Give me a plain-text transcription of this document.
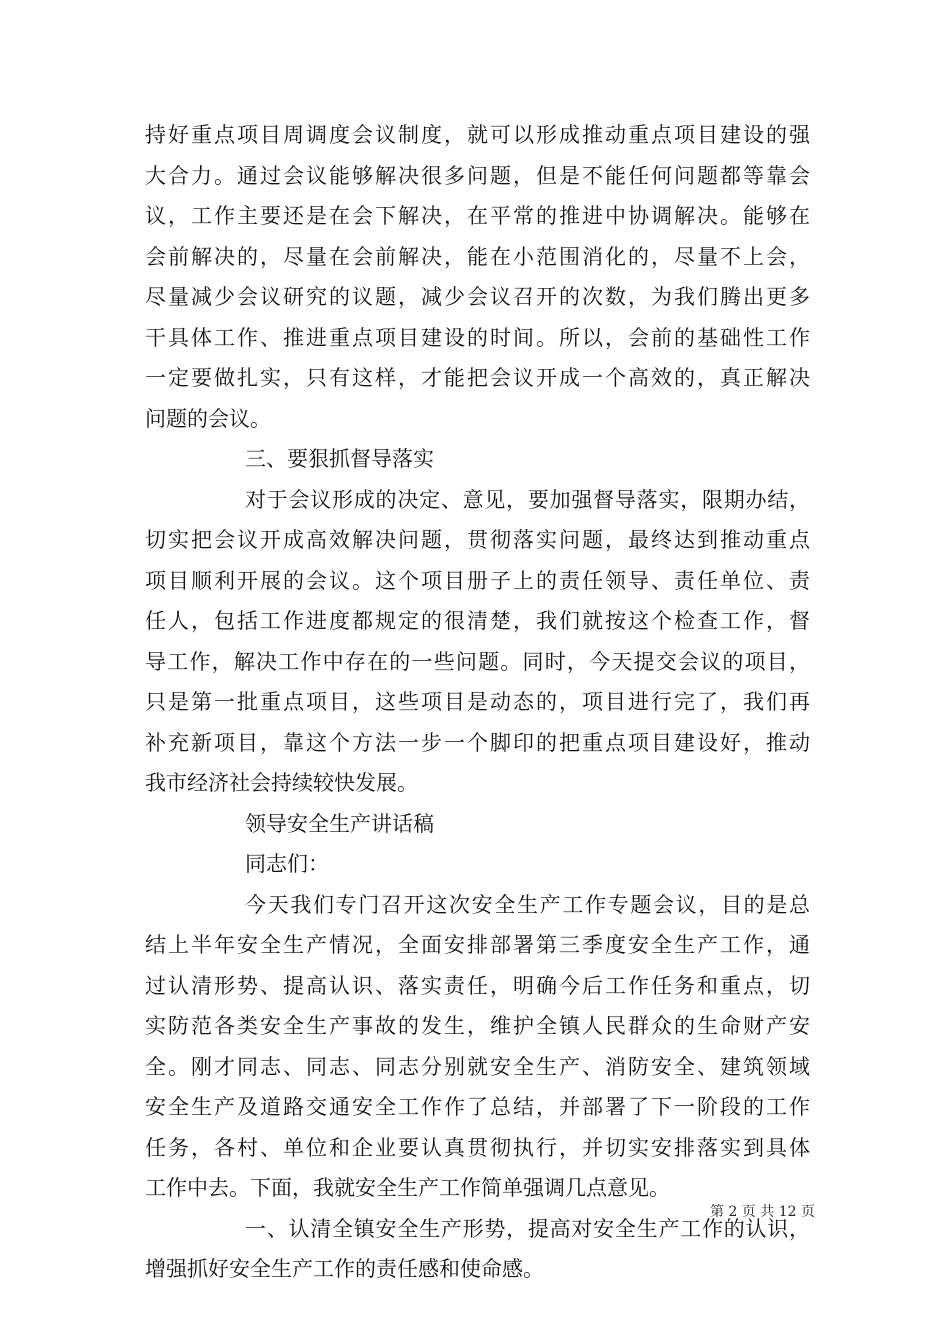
持好重点项目周调度会议制度，就可以形成推动重点项目建设的强
大合力。通过会议能够解决很多问题，但是不能任何问题都等靠会
议，工作主要还是在会下解决，在平常的推进中协调解决。能够在
会前解决的，尽量在会前解决，能在小范围消化的，尽量不上会，
尽量减少会议研究的议题，减少会议召开的次数，为我们腾出更多
干具体工作、推进重点项目建设的时间。所以，会前的基础性工作
一定要做扎实，只有这样，才能把会议开成一个高效的，真正解决
问题的会议。
三、要狠抓督导落实
对于会议形成的决定、意见，要加强督导落实，限期办结，
切实把会议开成高效解决问题，贯彻落实问题，最终达到推动重点
项目顺利开展的会议。这个项目册子上的责任领导、责任单位、责
任人，包括工作进度都规定的很清楚，我们就按这个检查工作，督
导工作，解决工作中存在的一些问题。同时，今天提交会议的项目，
只是第一批重点项目，这些项目是动态的，项目进行完了，我们再
补充新项目，靠这个方法一步一个脚印的把重点项目建设好，推动
我市经济社会持续较快发展。
领导安全生产讲话稿
同志们：
今天我们专门召开这次安全生产工作专题会议，目的是总
结上半年安全生产情况，全面安排部署第三季度安全生产工作，通
过认清形势、提高认识、落实责任，明确今后工作任务和重点，切
实防范各类安全生产事故的发生，维护全镇人民群众的生命财产安
全。刚才同志、同志、同志分别就安全生产、消防安全、建筑领域
安全生产及道路交通安全工作作了总结，并部署了下一阶段的工作
任务，各村、单位和企业要认真贯彻执行，并切实安排落实到具体
工作中去。下面，我就安全生产工作简单强调几点意见。
一、认清全镇安全生产形势，提高对安全生产工作的认识，
增强抓好安全生产工作的责任感和使命感。
第 2 页 共 12 页
